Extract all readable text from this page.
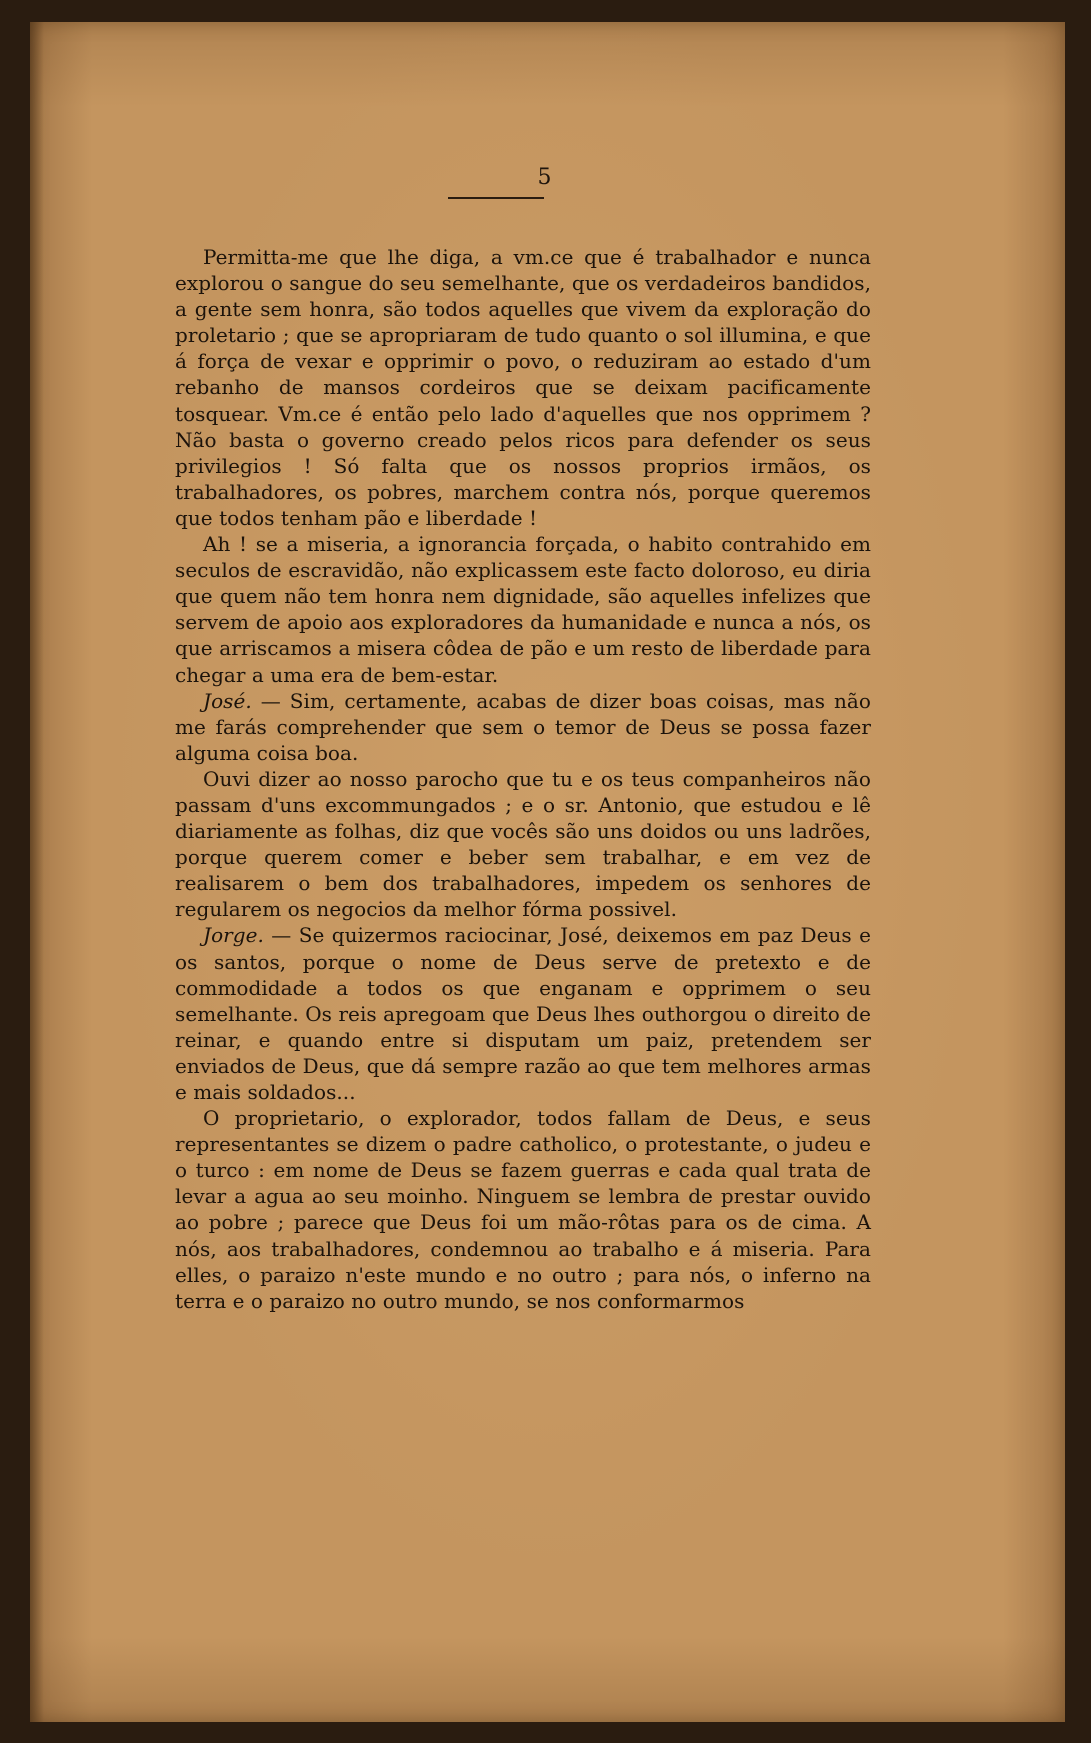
5

Permitta-me que lhe diga, a vm.ce que é trabalhador e nunca explorou o sangue do seu semelhante, que os verdadeiros bandidos, a gente sem honra, são todos aquelles que vivem da exploração do proletario ; que se apropriaram de tudo quanto o sol illumina, e que á força de vexar e opprimir o povo, o reduziram ao estado d'um rebanho de mansos cordeiros que se deixam pacificamente tosquear. Vm.ce é então pelo lado d'aquelles que nos opprimem ? Não basta o governo creado pelos ricos para defender os seus privilegios ! Só falta que os nossos proprios irmãos, os trabalhadores, os pobres, marchem contra nós, porque queremos que todos tenham pão e liberdade !

Ah ! se a miseria, a ignorancia forçada, o habito contrahido em seculos de escravidão, não explicassem este facto doloroso, eu diria que quem não tem honra nem dignidade, são aquelles infelizes que servem de apoio aos exploradores da humanidade e nunca a nós, os que arriscamos a misera côdea de pão e um resto de liberdade para chegar a uma era de bem-estar.

José. — Sim, certamente, acabas de dizer boas coisas, mas não me farás comprehender que sem o temor de Deus se possa fazer alguma coisa boa.

Ouvi dizer ao nosso parocho que tu e os teus companheiros não passam d'uns excommungados ; e o sr. Antonio, que estudou e lê diariamente as folhas, diz que vocês são uns doidos ou uns ladrões, porque querem comer e beber sem trabalhar, e em vez de realisarem o bem dos trabalhadores, impedem os senhores de regularem os negocios da melhor fórma possivel.

Jorge. — Se quizermos raciocinar, José, deixemos em paz Deus e os santos, porque o nome de Deus serve de pretexto e de commodidade a todos os que enganam e opprimem o seu semelhante. Os reis apregoam que Deus lhes outhorgou o direito de reinar, e quando entre si disputam um paiz, pretendem ser enviados de Deus, que dá sempre razão ao que tem melhores armas e mais soldados...

O proprietario, o explorador, todos fallam de Deus, e seus representantes se dizem o padre catholico, o protestante, o judeu e o turco : em nome de Deus se fazem guerras e cada qual trata de levar a agua ao seu moinho. Ninguem se lembra de prestar ouvido ao pobre ; parece que Deus foi um mão-rôtas para os de cima. A nós, aos trabalhadores, condemnou ao trabalho e á miseria. Para elles, o paraizo n'este mundo e no outro ; para nós, o inferno na terra e o paraizo no outro mundo, se nos conformarmos
